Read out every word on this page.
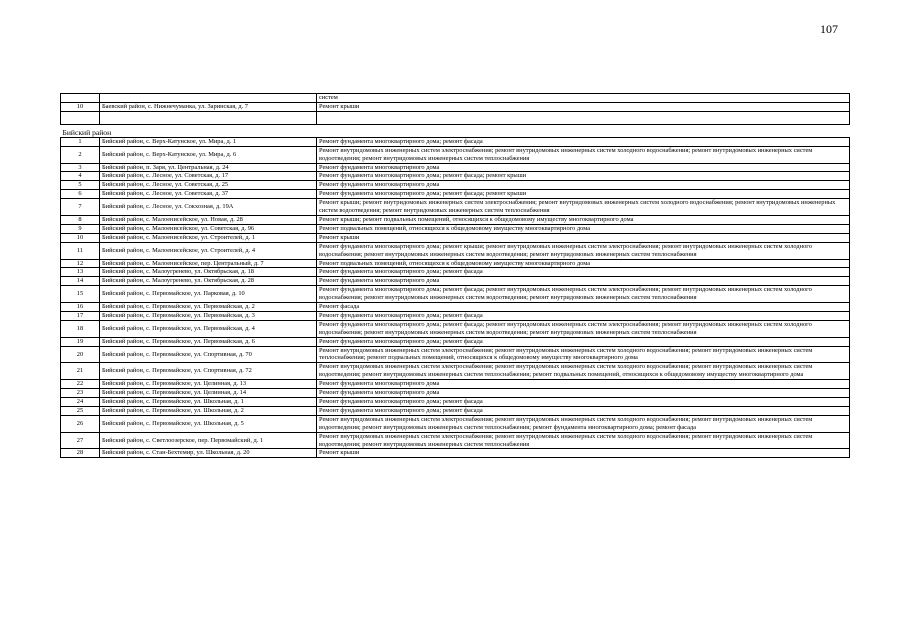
107
		систем
10	Баевский район, с. Нижнечуманка, ул. Заринская, д. 7	Ремонт крыши

Бийский район		
1	Бийский район, с. Верх-Катунское, ул. Мира, д. 1	Ремонт фундамента многоквартирного дома; ремонт фасада
2	Бийский район, с. Верх-Катунское, ул. Мира, д. 6	Ремонт внутридомовых инженерных систем электроснабжения; ремонт внутридомовых инженерных систем холодного водоснабжения; ремонт внутридомовых инженерных систем водоотведения; ремонт внутридомовых инженерных систем теплоснабжения
3	Бийский район, п. Заря, ул. Центральная, д. 24	Ремонт фундамента многоквартирного дома
4	Бийский район, с. Лесное, ул. Советская, д. 17	Ремонт фундамента многоквартирного дома; ремонт фасада; ремонт крыши
5	Бийский район, с. Лесное, ул. Советская, д. 25	Ремонт фундамента многоквартирного дома
6	Бийский район, с. Лесное, ул. Советская, д. 37	Ремонт фундамента многоквартирного дома; ремонт фасада; ремонт крыши
7	Бийский район, с. Лесное, ул. Сокхозная, д. 19А	Ремонт крыши; ремонт внутридомовых инженерных систем электроснабжения; ремонт внутридомовых инженерных систем холодного водоснабжения; ремонт внутридомовых инженерных систем водоотведения; ремонт внутридомовых инженерных систем теплоснабжения
8	Бийский район, с. Малоенисейское, ул. Новая, д. 28	Ремонт крыши; ремонт подвальных помещений, относящихся к общедомовому имуществу многоквартирного дома
9	Бийский район, с. Малоенисейское, ул. Советская, д. 96	Ремонт подвальных помещений, относящихся к общедомовому имуществу многоквартирного дома
10	Бийский район, с. Малоенисейское, ул. Строителей, д. 1	Ремонт крыши
11	Бийский район, с. Малоенисейское, ул. Строителей, д. 4	Ремонт фундамента многоквартирного дома; ремонт крыши; ремонт внутридомовых инженерных систем электроснабжения; ремонт внутридомовых инженерных систем холодного водоснабжения; ремонт внутридомовых инженерных систем водоотведения; ремонт внутридомовых инженерных систем теплоснабжения
12	Бийский район, с. Малоенисейское, пер. Центральный, д. 7	Ремонт подвальных помещений, относящихся к общедомовому имуществу многоквартирного дома
13	Бийский район, с. Малоугренево, ул. Октябрьская, д. 18	Ремонт фундамента многоквартирного дома; ремонт фасада
14	Бийский район, с. Малоугренево, ул. Октябрьская, д. 28	Ремонт фундамента многоквартирного дома
15	Бийский район, с. Первомайское, ул. Парковая, д. 10	Ремонт фундамента многоквартирного дома; ремонт фасада; ремонт внутридомовых инженерных систем электроснабжения; ремонт внутридомовых инженерных систем холодного водоснабжения; ремонт внутридомовых инженерных систем водоотведения; ремонт внутридомовых инженерных систем теплоснабжения
16	Бийский район, с. Первомайское, ул. Первомайская, д. 2	Ремонт фасада
17	Бийский район, с. Первомайское, ул. Первомайская, д. 3	Ремонт фундамента многоквартирного дома; ремонт фасада
18	Бийский район, с. Первомайское, ул. Первомайская, д. 4	Ремонт фундамента многоквартирного дома; ремонт фасада; ремонт внутридомовых инженерных систем электроснабжения; ремонт внутридомовых инженерных систем холодного водоснабжения; ремонт внутридомовых инженерных систем водоотведения; ремонт внутридомовых инженерных систем теплоснабжения
19	Бийский район, с. Первомайское, ул. Первомайская, д. 6	Ремонт фундамента многоквартирного дома; ремонт фасада
20	Бийский район, с. Первомайское, ул. Спортивная, д. 70	Ремонт внутридомовых инженерных систем электроснабжения; ремонт внутридомовых инженерных систем холодного водоснабжения; ремонт внутридомовых инженерных систем теплоснабжения; ремонт подвальных помещений, относящихся к общедомовому имуществу многоквартирного дома
21	Бийский район, с. Первомайское, ул. Спортивная, д. 72	Ремонт внутридомовых инженерных систем электроснабжения; ремонт внутридомовых инженерных систем холодного водоснабжения; ремонт внутридомовых инженерных систем водоотведения; ремонт внутридомовых инженерных систем теплоснабжения; ремонт подвальных помещений, относящихся к общедомовому имуществу многоквартирного дома
22	Бийский район, с. Первомайское, ул. Целинная, д. 13	Ремонт фундамента многоквартирного дома
23	Бийский район, с. Первомайское, ул. Целинная, д. 14	Ремонт фундамента многоквартирного дома
24	Бийский район, с. Первомайское, ул. Школьная, д. 1	Ремонт фундамента многоквартирного дома; ремонт фасада
25	Бийский район, с. Первомайское, ул. Школьная, д. 2	Ремонт фундамента многоквартирного дома; ремонт фасада
26	Бийский район, с. Первомайское, ул. Школьная, д. 5	Ремонт внутридомовых инженерных систем электроснабжения; ремонт внутридомовых инженерных систем холодного водоснабжения; ремонт внутридомовых инженерных систем водоотведения; ремонт внутридомовых инженерных систем теплоснабжения; ремонт фундамента многоквартирного дома; ремонт фасада
27	Бийский район, с. Светлоозерское, пер. Первомайский, д. 1	Ремонт внутридомовых инженерных систем электроснабжения; ремонт внутридомовых инженерных систем холодного водоснабжения; ремонт внутридомовых инженерных систем водоотведения; ремонт внутридомовых инженерных систем теплоснабжения
28	Бийский район, с. Стан-Бехтемир, ул. Школьная, д. 20	Ремонт крыши
